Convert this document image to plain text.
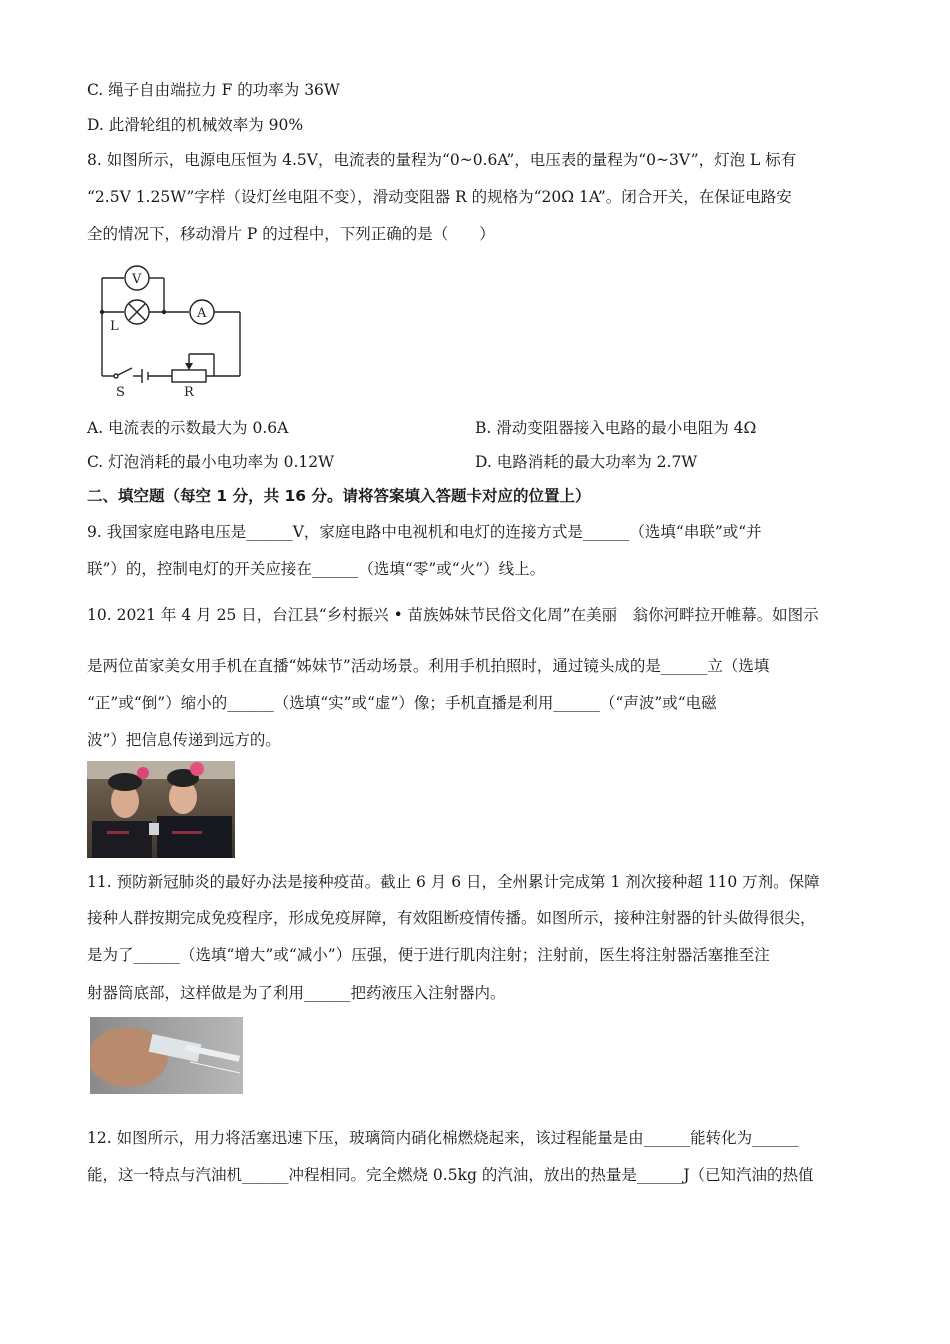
C. 绳子自由端拉力 F 的功率为 36W
D. 此滑轮组的机械效率为 90%
8. 如图所示，电源电压恒为 4.5V，电流表的量程为“0~0.6A”，电压表的量程为“0~3V”，灯泡 L 标有
“2.5V 1.25W”字样（设灯丝电阻不变），滑动变阻器 R 的规格为“20Ω 1A”。闭合开关，在保证电路安
全的情况下，移动滑片 P 的过程中，下列正确的是（　　）
V
A
L
S	R
A. 电流表的示数最大为 0.6A	B. 滑动变阻器接入电路的最小电阻为 4Ω
C. 灯泡消耗的最小电功率为 0.12W	D. 电路消耗的最大功率为 2.7W
二、填空题（每空 1 分，共 16 分。请将答案填入答题卡对应的位置上）
9. 我国家庭电路电压是______V，家庭电路中电视机和电灯的连接方式是______（选填“串联”或“并
联”）的，控制电灯的开关应接在______（选填“零”或“火”）线上。
10. 2021 年 4 月 25 日，台江县“乡村振兴 • 苗族姊妹节民俗文化周”在美丽　翁你河畔拉开帷幕。如图示
是两位苗家美女用手机在直播“姊妹节”活动场景。利用手机拍照时，通过镜头成的是______立（选填
“正”或“倒”）缩小的______（选填“实”或“虚”）像；手机直播是利用______（“声波”或“电磁
波”）把信息传递到远方的。
11. 预防新冠肺炎的最好办法是接种疫苗。截止 6 月 6 日，全州累计完成第 1 剂次接种超 110 万剂。保障
接种人群按期完成免疫程序，形成免疫屏障，有效阻断疫情传播。如图所示，接种注射器的针头做得很尖，
是为了______（选填“增大”或“减小”）压强，便于进行肌肉注射；注射前，医生将注射器活塞推至注
射器筒底部，这样做是为了利用______把药液压入注射器内。
12. 如图所示，用力将活塞迅速下压，玻璃筒内硝化棉燃烧起来，该过程能量是由______能转化为______
能，这一特点与汽油机______冲程相同。完全燃烧 0.5kg 的汽油，放出的热量是______J（已知汽油的热值
